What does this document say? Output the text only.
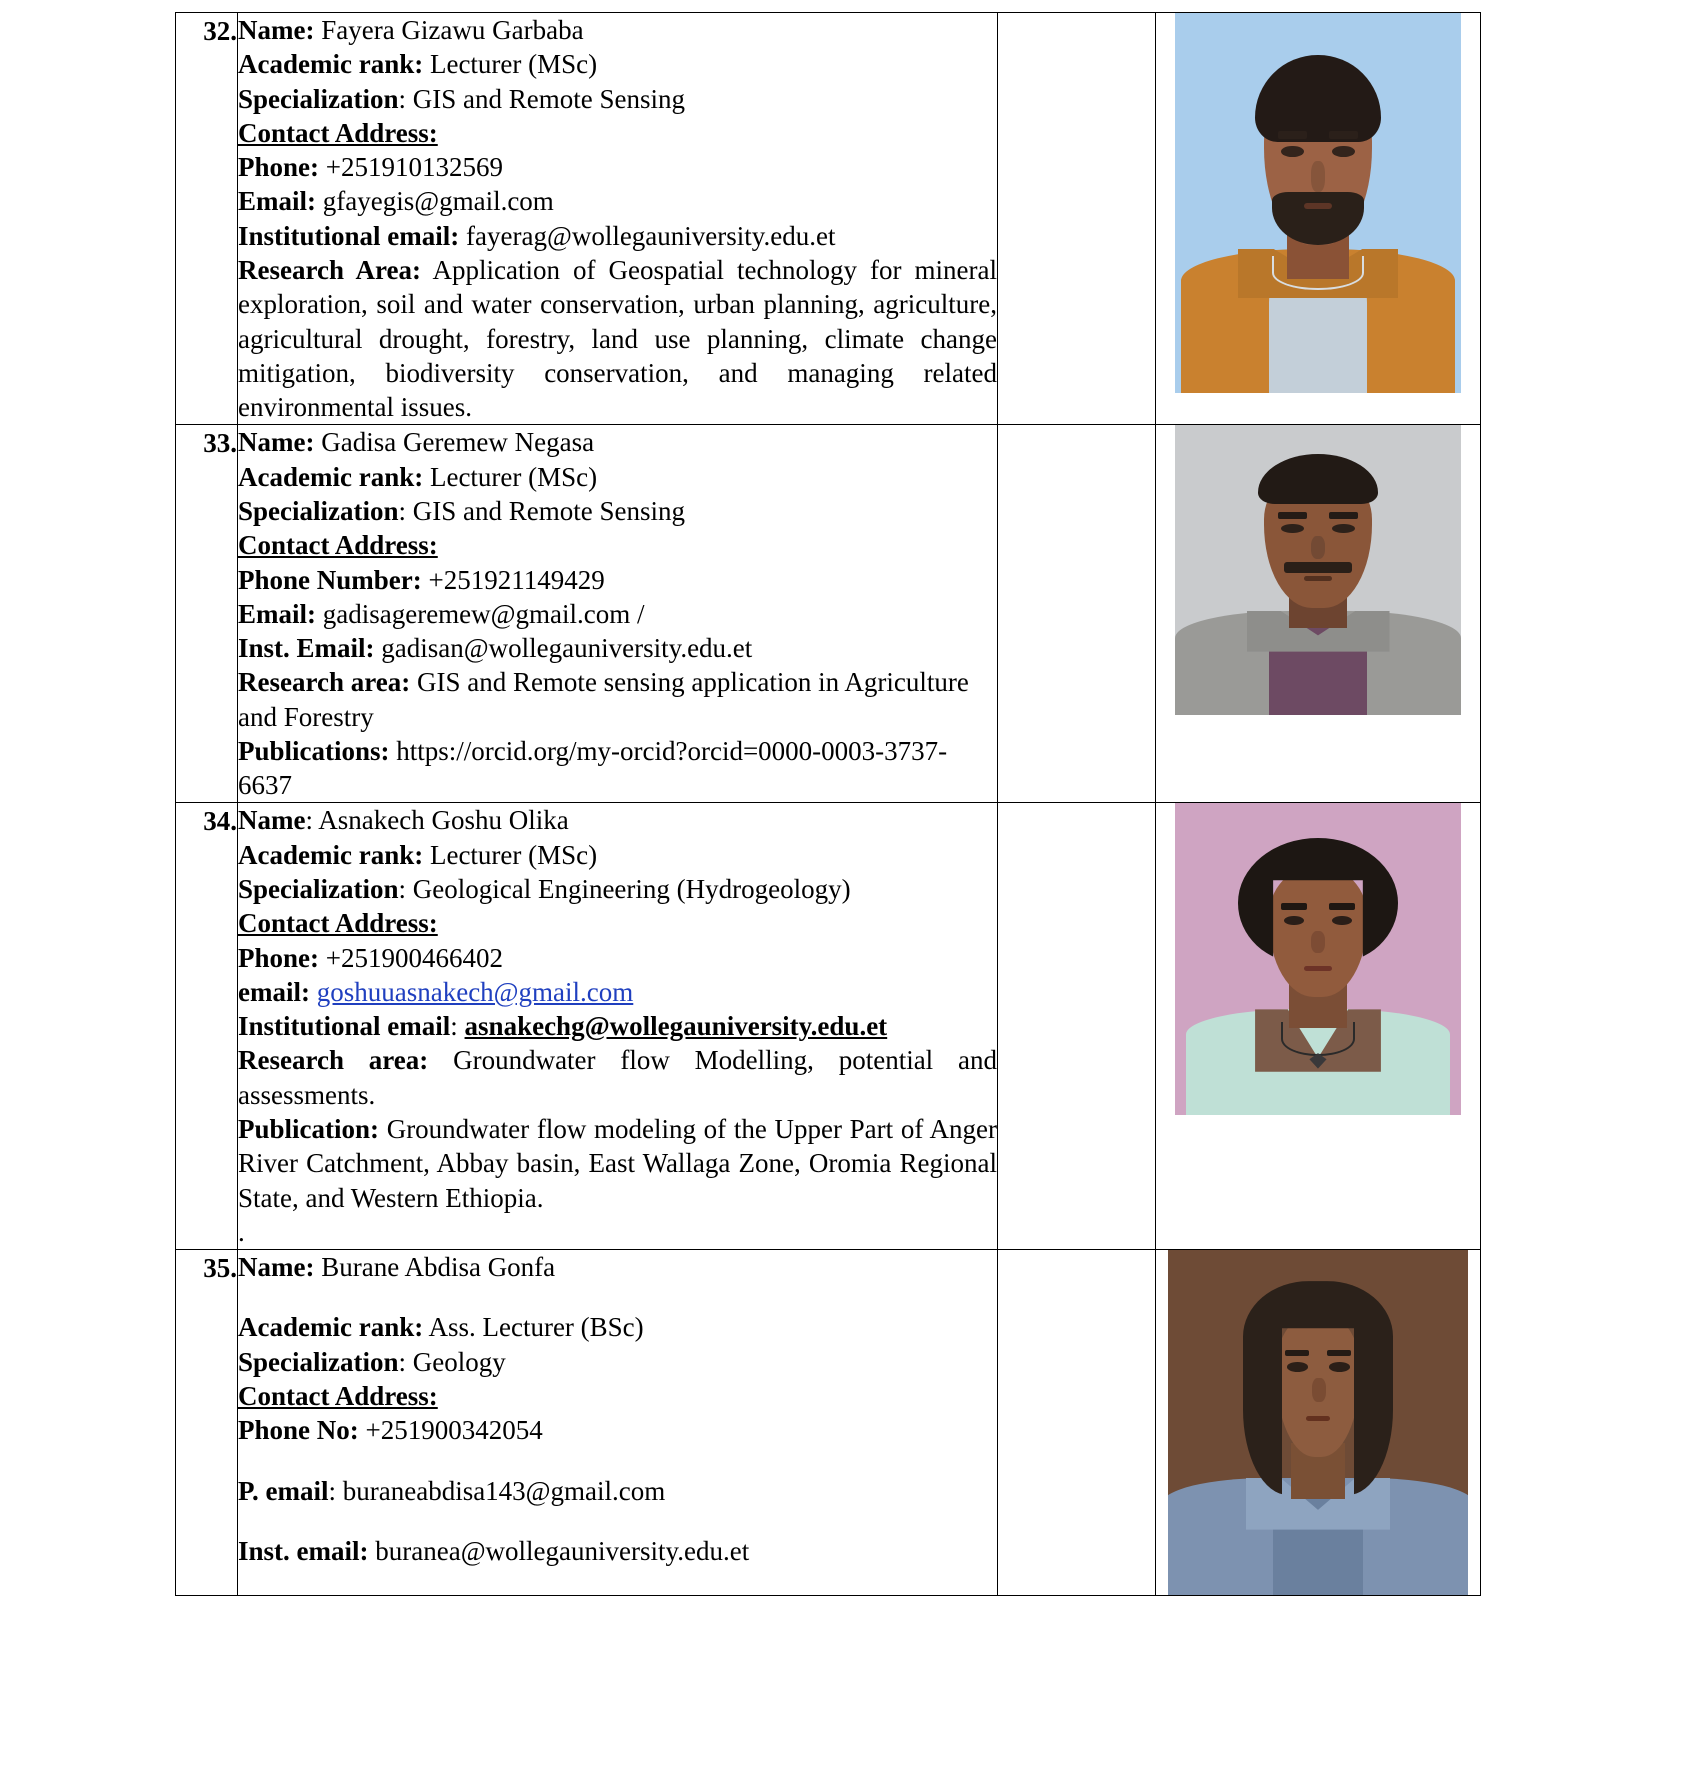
32.	Name: Fayera Gizawu Garbaba
Academic rank: Lecturer (MSc)
Specialization: GIS and Remote Sensing
Contact Address:
Phone: +251910132569
Email: gfayegis@gmail.com
Institutional email: fayerag@wollegauniversity.edu.et
Research Area: Application of Geospatial technology for mineral exploration, soil and water conservation, urban planning, agriculture, agricultural drought, forestry, land use planning, climate change mitigation, biodiversity conservation, and managing related environmental issues.

33.	Name: Gadisa Geremew Negasa
Academic rank: Lecturer (MSc)
Specialization: GIS and Remote Sensing
Contact Address:
Phone Number: +251921149429
Email: gadisageremew@gmail.com /
Inst. Email: gadisan@wollegauniversity.edu.et
Research area: GIS and Remote sensing application in Agriculture and Forestry
Publications: https://orcid.org/my-orcid?orcid=0000-0003-3737-6637

34.	Name: Asnakech Goshu Olika
Academic rank: Lecturer (MSc)
Specialization: Geological Engineering (Hydrogeology)
Contact Address:
Phone: +251900466402
email: goshuuasnakech@gmail.com
Institutional email: asnakechg@wollegauniversity.edu.et
Research area: Groundwater flow Modelling, potential and assessments.
Publication: Groundwater flow modeling of the Upper Part of Anger River Catchment, Abbay basin, East Wallaga Zone, Oromia Regional State, and Western Ethiopia.
.

35.	Name: Burane Abdisa Gonfa
Academic rank: Ass. Lecturer (BSc)
Specialization: Geology
Contact Address:
Phone No: +251900342054
P. email: buraneabdisa143@gmail.com
Inst. email: buranea@wollegauniversity.edu.et
